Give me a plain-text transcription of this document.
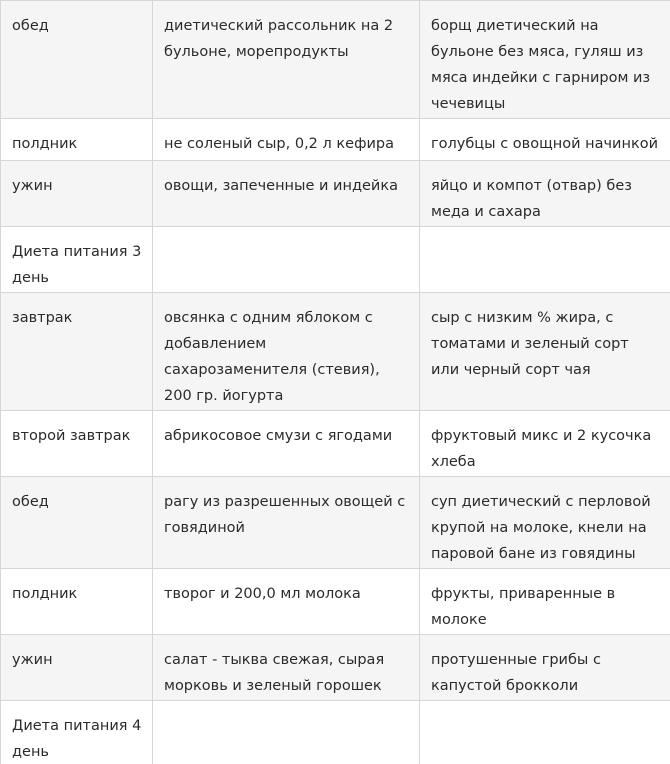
обед	диетический рассольник на 2 бульоне, морепродукты	борщ диетический на бульоне без мяса, гуляш из мяса индейки с гарниром из чечевицы
полдник	не соленый сыр, 0,2 л кефира	голубцы с овощной начинкой
ужин	овощи, запеченные и индейка	яйцо и компот (отвар) без меда и сахара
Диета питания 3 день		
завтрак	овсянка с одним яблоком с добавлением сахарозаменителя (стевия), 200 гр. йогурта	сыр с низким % жира, с томатами и зеленый сорт или черный сорт чая
второй завтрак	абрикосовое смузи с ягодами	фруктовый микс и 2 кусочка хлеба
обед	рагу из разрешенных овощей с говядиной	суп диетический с перловой крупой на молоке, кнели на паровой бане из говядины
полдник	творог и 200,0 мл молока	фрукты, приваренные в молоке
ужин	салат - тыква свежая, сырая морковь и зеленый горошек	протушенные грибы с капустой брокколи
Диета питания 4 день		
